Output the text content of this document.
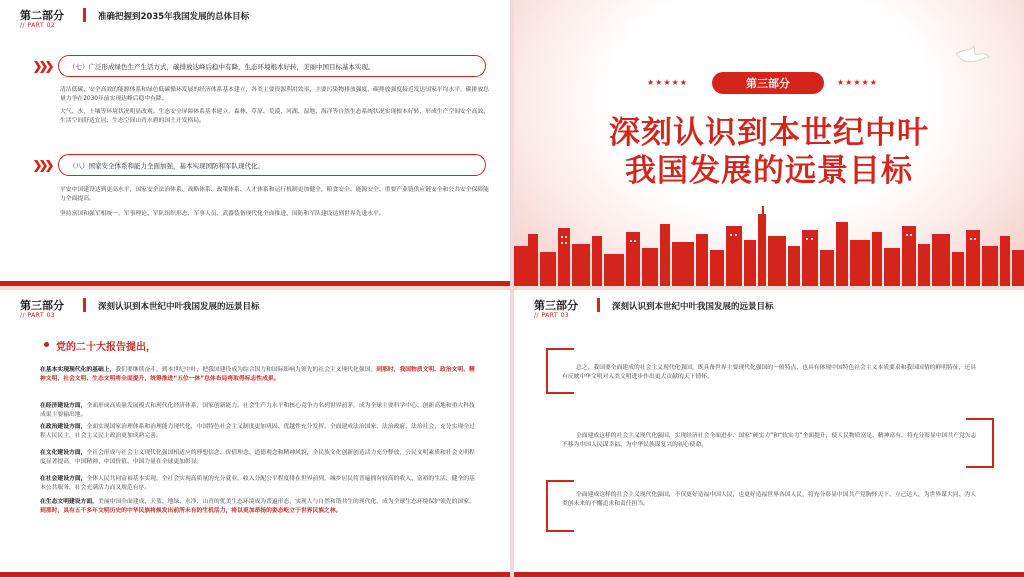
第二部分
// PART 02
准确把握到2035年我国发展的总体目标
（七）广泛形成绿色生产生活方式，碳排放达峰后稳中有降，生态环境根本好转，美丽中国目标基本实现。
清洁低碳、安全高效的能源体系和绿色低碳循环发展的经济体系基本建立，各类主要资源利用效率、主要污染物排放强度、碳排放强度接近发达国家平均水平，碳排放总量力争在2030年前实现达峰后稳中有降。
大气、水、土壤等环境状况明显改观。生态安全屏障体系基本建立，森林、草原、荒漠、河湖、湿地、海洋等自然生态系统状况实现根本好转，形成生产空间安全高效、生活空间舒适宜居、生态空间山青水碧的国土开发格局。
（八）国家安全体系和能力全面加强，基本实现国防和军队现代化。
平安中国建设达到更高水平，国家安全法治体系、战略体系、政策体系、人才体系和运行机制更加健全，粮食安全、能源安全、重要产业链供应链安全和公共安全保障能力全面提高。
坚持富国和强军相统一，军事理论、军队组织形态、军事人员、武器装备现代化全面推进，国防和军队建设达到世界先进水平。
★★★★★	★★★★★
第三部分
深刻认识到本世纪中叶
我国发展的远景目标
第三部分
// PART 03
深刻认识到本世纪中叶我国发展的远景目标
党的二十大报告提出，
在基本实现现代化的基础上，我们要继续奋斗，到本世纪中叶，把我国建设成为综合国力和国际影响力领先的社会主义现代化强国。到那时，我国物质文明、政治文明、精神文明、社会文明、生态文明将全面提升，统筹推进“五位一体”总体布局将取得标志性成果。
在经济建设方面，全面形成高质量发展模式和现代化经济体系，国家创新能力、社会生产力水平和核心竞争力名列世界前茅，成为全球主要科学中心、创新高地和重大科技成果主要输出地。
在政治建设方面，全面实现国家治理体系和治理能力现代化，中国特色社会主义制度更加巩固、优越性充分发挥，全面建成法治国家、法治政府、法治社会，充分实现全过程人民民主，社会主义民主政治更加成熟完善。
在文化建设方面，全社会形成与社会主义现代化强国相适应的理想信念、价值理念、道德观念和精神风貌，全民族文化创新创造活力充分释放，公民文明素质和社会文明程度显著提高，中国精神、中国价值、中国力量在全球更加彰显。
在社会建设方面，全体人民共同富裕基本实现，全社会实现高质量的充分就业，收入分配公平程度排在世界前列，城乡居民将普遍拥有较高的收入、富裕的生活、健全的基本公共服务，社会充满活力而又规范有序。
在生态文明建设方面，美丽中国全面建成，天蓝、地绿、水净、山青的优美生态环境成为普遍形态，实现人与自然和谐共生的现代化，成为全球生态环境保护领先的国家。到那时，具有五千多年文明历史的中华民族将焕发出前所未有的生机活力，将以更加昂扬的姿态屹立于世界民族之林。
第三部分
// PART 03
深刻认识到本世纪中叶我国发展的远景目标
总之，我国要全面建成的社会主义现代化强国，既具备世界主要现代化强国的一般特点，也具有体现中国特色社会主义本质要求和我国国情的鲜明特征，还具有反映中华文明对人类文明进步作出更大贡献的天下情怀。
全面建成这样的社会主义现代化强国，实现经济社会全面进步、国家“硬实力”和“软实力”全面提升，使人民物质富足、精神富有，将充分彰显中国共产党矢志不移为中国人民谋幸福、为中华民族谋复兴的初心使命。
全面建成这样的社会主义现代化强国，不仅更好造福中国人民，也更好造福世界各国人民，将充分彰显中国共产党胸怀天下、立己达人，为世界谋大同、为人类创未来的不懈追求和责任担当。
